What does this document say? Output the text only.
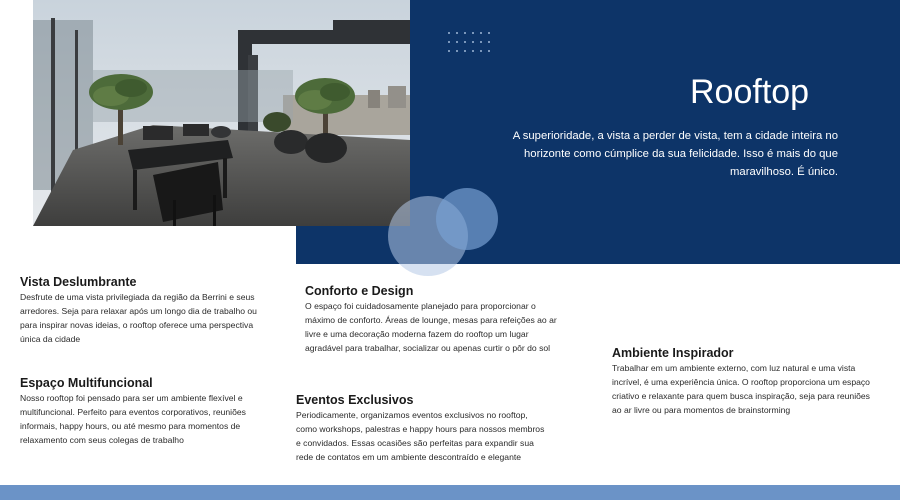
Rooftop
A superioridade, a vista a perder de vista, tem a cidade inteira no horizonte como cúmplice da sua felicidade. Isso é mais do que maravilhoso. É único.
Vista Deslumbrante

Desfrute de uma vista privilegiada da região da Berrini e seus arredores. Seja para relaxar após um longo dia de trabalho ou para inspirar novas ideias, o rooftop oferece uma perspectiva única da cidade

Espaço Multifuncional

Nosso rooftop foi pensado para ser um ambiente flexível e multifuncional. Perfeito para eventos corporativos, reuniões informais, happy hours, ou até mesmo para momentos de relaxamento com seus colegas de trabalho

Conforto e Design

O espaço foi cuidadosamente planejado para proporcionar o máximo de conforto. Áreas de lounge, mesas para refeições ao ar livre e uma decoração moderna fazem do rooftop um lugar agradável para trabalhar, socializar ou apenas curtir o pôr do sol

Eventos Exclusivos

Periodicamente, organizamos eventos exclusivos no rooftop, como workshops, palestras e happy hours para nossos membros e convidados. Essas ocasiões são perfeitas para expandir sua rede de contatos em um ambiente descontraído e elegante

Ambiente Inspirador

Trabalhar em um ambiente externo, com luz natural e uma vista incrível, é uma experiência única. O rooftop proporciona um espaço criativo e relaxante para quem busca inspiração, seja para reuniões ao ar livre ou para momentos de brainstorming
